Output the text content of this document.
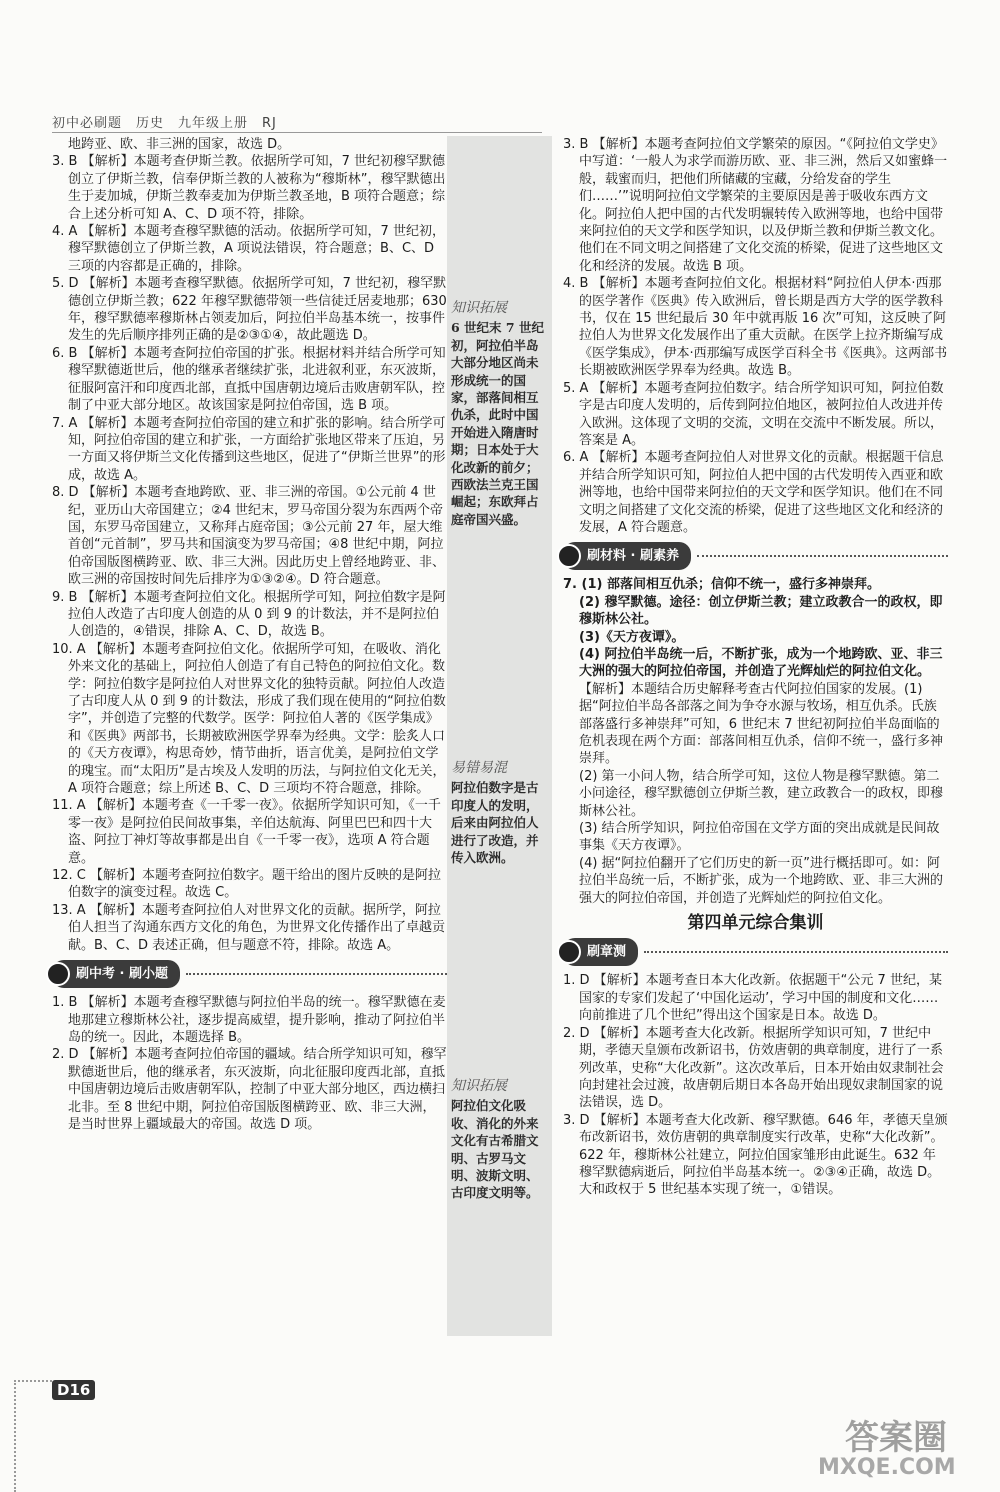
初中必刷题　历史　九年级上册　RJ
知识拓展
6 世纪末 7 世纪初，阿拉伯半岛大部分地区尚未形成统一的国家，部落间相互仇杀，此时中国开始进入隋唐时期；日本处于大化改新的前夕；西欧法兰克王国崛起；东欧拜占庭帝国兴盛。
易错易混
阿拉伯数字是古印度人的发明，后来由阿拉伯人进行了改造，并传入欧洲。
知识拓展
阿拉伯文化吸收、消化的外来文化有古希腊文明、古罗马文明、波斯文明、古印度文明等。

地跨亚、欧、非三洲的国家，故选 D。

3. B 【解析】本题考查伊斯兰教。依据所学可知，7 世纪初穆罕默德创立了伊斯兰教，信奉伊斯兰教的人被称为“穆斯林”，穆罕默德出生于麦加城，伊斯兰教奉麦加为伊斯兰教圣地，B 项符合题意；综合上述分析可知 A、C、D 项不符，排除。

4. A 【解析】本题考查穆罕默德的活动。依据所学可知，7 世纪初，穆罕默德创立了伊斯兰教，A 项说法错误，符合题意；B、C、D 三项的内容都是正确的，排除。

5. D 【解析】本题考查穆罕默德。依据所学可知，7 世纪初，穆罕默德创立伊斯兰教；622 年穆罕默德带领一些信徒迁居麦地那；630 年，穆罕默德率穆斯林占领麦加后，阿拉伯半岛基本统一，按事件发生的先后顺序排列正确的是②③①④，故此题选 D。

6. B 【解析】本题考查阿拉伯帝国的扩张。根据材料并结合所学可知穆罕默德逝世后，他的继承者继续扩张，北进叙利亚，东灭波斯，征服阿富汗和印度西北部，直抵中国唐朝边境后击败唐朝军队，控制了中亚大部分地区。故该国家是阿拉伯帝国，选 B 项。

7. A 【解析】本题考查阿拉伯帝国的建立和扩张的影响。结合所学可知，阿拉伯帝国的建立和扩张，一方面给扩张地区带来了压迫，另一方面又将伊斯兰文化传播到这些地区，促进了“伊斯兰世界”的形成，故选 A。

8. D 【解析】本题考查地跨欧、亚、非三洲的帝国。①公元前 4 世纪，亚历山大帝国建立；②4 世纪末，罗马帝国分裂为东西两个帝国，东罗马帝国建立，又称拜占庭帝国；③公元前 27 年，屋大维首创“元首制”，罗马共和国演变为罗马帝国；④8 世纪中期，阿拉伯帝国版图横跨亚、欧、非三大洲。因此历史上曾经地跨亚、非、欧三洲的帝国按时间先后排序为①③②④。D 符合题意。

9. B 【解析】本题考查阿拉伯文化。根据所学可知，阿拉伯数字是阿拉伯人改造了古印度人创造的从 0 到 9 的计数法，并不是阿拉伯人创造的，④错误，排除 A、C、D，故选 B。

10. A 【解析】本题考查阿拉伯文化。依据所学可知，在吸收、消化外来文化的基础上，阿拉伯人创造了有自己特色的阿拉伯文化。数学：阿拉伯数字是阿拉伯人对世界文化的独特贡献。阿拉伯人改造了古印度人从 0 到 9 的计数法，形成了我们现在使用的“阿拉伯数字”，并创造了完整的代数学。医学：阿拉伯人著的《医学集成》和《医典》两部书，长期被欧洲医学界奉为经典。文学：脍炙人口的《天方夜谭》，构思奇妙，情节曲折，语言优美，是阿拉伯文学的瑰宝。而“太阳历”是古埃及人发明的历法，与阿拉伯文化无关，A 项符合题意；综上所述 B、C、D 三项均不符合题意，排除。

11. A 【解析】本题考查《一千零一夜》。依据所学知识可知，《一千零一夜》是阿拉伯民间故事集，辛伯达航海、阿里巴巴和四十大盗、阿拉丁神灯等故事都是出自《一千零一夜》，选项 A 符合题意。

12. C 【解析】本题考查阿拉伯数字。题干给出的图片反映的是阿拉伯数字的演变过程。故选 C。

13. A 【解析】本题考查阿拉伯人对世界文化的贡献。据所学，阿拉伯人担当了沟通东西方文化的角色，为世界文化传播作出了卓越贡献。B、C、D 表述正确，但与题意不符，排除。故选 A。

刷中考 · 刷小题

1. B 【解析】本题考查穆罕默德与阿拉伯半岛的统一。穆罕默德在麦地那建立穆斯林公社，逐步提高威望，提升影响，推动了阿拉伯半岛的统一。因此，本题选择 B。

2. D 【解析】本题考查阿拉伯帝国的疆域。结合所学知识可知，穆罕默德逝世后，他的继承者，东灭波斯，向北征服印度西北部，直抵中国唐朝边境后击败唐朝军队，控制了中亚大部分地区，西边横扫北非。至 8 世纪中期，阿拉伯帝国版图横跨亚、欧、非三大洲，是当时世界上疆域最大的帝国。故选 D 项。

3. B 【解析】本题考查阿拉伯文学繁荣的原因。“《阿拉伯文学史》中写道：‘一般人为求学而游历欧、亚、非三洲，然后又如蜜蜂一般，载蜜而归，把他们所储藏的宝藏，分给发奋的学生们……’”说明阿拉伯文学繁荣的主要原因是善于吸收东西方文化。阿拉伯人把中国的古代发明辗转传入欧洲等地，也给中国带来阿拉伯的天文学和医学知识，以及伊斯兰教和伊斯兰教文化。他们在不同文明之间搭建了文化交流的桥梁，促进了这些地区文化和经济的发展。故选 B 项。

4. B 【解析】本题考查阿拉伯文化。根据材料“阿拉伯人伊本·西那的医学著作《医典》传入欧洲后，曾长期是西方大学的医学教科书，仅在 15 世纪最后 30 年中就再版 16 次”可知，这反映了阿拉伯人为世界文化发展作出了重大贡献。在医学上拉齐斯编写成《医学集成》，伊本·西那编写成医学百科全书《医典》。这两部书长期被欧洲医学界奉为经典。故选 B。

5. A 【解析】本题考查阿拉伯数字。结合所学知识可知，阿拉伯数字是古印度人发明的，后传到阿拉伯地区，被阿拉伯人改进并传入欧洲。这体现了文明的交流，文明在交流中不断发展。所以，答案是 A。

6. A 【解析】本题考查阿拉伯人对世界文化的贡献。根据题干信息并结合所学知识可知，阿拉伯人把中国的古代发明传入西亚和欧洲等地，也给中国带来阿拉伯的天文学和医学知识。他们在不同文明之间搭建了文化交流的桥梁，促进了这些地区文化和经济的发展，A 符合题意。

刷材料 · 刷素养

7. (1) 部落间相互仇杀；信仰不统一，盛行多神崇拜。

(2) 穆罕默德。途径：创立伊斯兰教；建立政教合一的政权，即穆斯林公社。

(3)《天方夜谭》。

(4) 阿拉伯半岛统一后，不断扩张，成为一个地跨欧、亚、非三大洲的强大的阿拉伯帝国，并创造了光辉灿烂的阿拉伯文化。

【解析】本题结合历史解释考查古代阿拉伯国家的发展。(1) 据“阿拉伯半岛各部落之间为争夺水源与牧场，相互仇杀。氏族部落盛行多神崇拜”可知，6 世纪末 7 世纪初阿拉伯半岛面临的危机表现在两个方面：部落间相互仇杀，信仰不统一，盛行多神崇拜。

(2) 第一小问人物，结合所学可知，这位人物是穆罕默德。第二小问途径，穆罕默德创立伊斯兰教，建立政教合一的政权，即穆斯林公社。

(3) 结合所学知识，阿拉伯帝国在文学方面的突出成就是民间故事集《天方夜谭》。

(4) 据“阿拉伯翻开了它们历史的新一页”进行概括即可。如：阿拉伯半岛统一后，不断扩张，成为一个地跨欧、亚、非三大洲的强大的阿拉伯帝国，并创造了光辉灿烂的阿拉伯文化。

第四单元综合集训
刷章测

1. D 【解析】本题考查日本大化改新。依据题干“公元 7 世纪，某国家的专家们发起了‘中国化运动’，学习中国的制度和文化……向前推进了几个世纪”得出这个国家是日本。故选 D。

2. D 【解析】本题考查大化改新。根据所学知识可知，7 世纪中期，孝德天皇颁布改新诏书，仿效唐朝的典章制度，进行了一系列改革，史称“大化改新”。这次改革后，日本开始由奴隶制社会向封建社会过渡，故唐朝后期日本各岛开始出现奴隶制国家的说法错误，选 D。

3. D 【解析】本题考查大化改新、穆罕默德。646 年，孝德天皇颁布改新诏书，效仿唐朝的典章制度实行改革，史称“大化改新”。622 年，穆斯林公社建立，阿拉伯国家雏形由此诞生。632 年穆罕默德病逝后，阿拉伯半岛基本统一。②③④正确，故选 D。大和政权于 5 世纪基本实现了统一，①错误。

D16
答案圈
MXQE.COM
